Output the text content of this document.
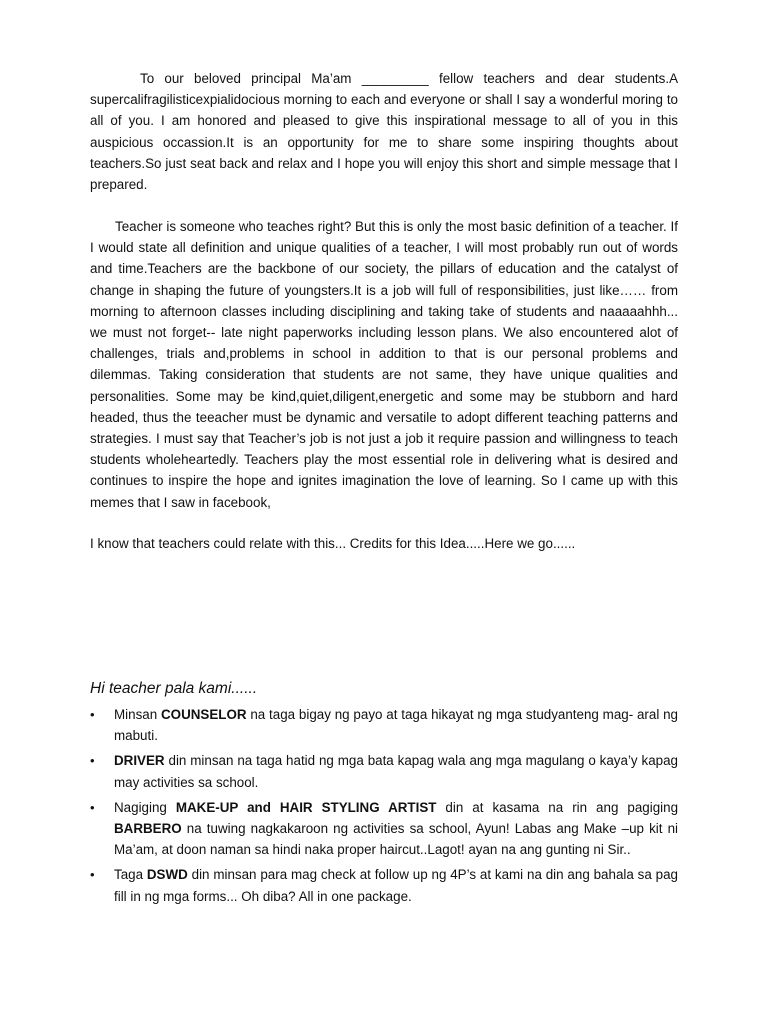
To our beloved principal Ma’am _________ fellow teachers and dear students.A supercalifragilisticexpialidocious morning to each and everyone or shall I say a wonderful moring to all of you. I am honored and pleased to give this inspirational message to all of you in this auspicious occassion.It is an opportunity for me to share some inspiring thoughts about teachers.So just seat back and relax and I hope you will enjoy this short and simple message that I prepared.

Teacher is someone who teaches right? But this is only the most basic definition of a teacher. If I would state all definition and unique qualities of a teacher, I will most probably run out of words and time.Teachers are the backbone of our society, the pillars of education and the catalyst of change in shaping the future of youngsters.It is a job will full of responsibilities, just like…… from morning to afternoon classes including disciplining and taking take of students and naaaaahhh... we must not forget-- late night paperworks including lesson plans. We also encountered alot of challenges, trials and,problems in school in addition to that is our personal problems and dilemmas. Taking consideration that students are not same, they have unique qualities and personalities. Some may be kind,quiet,diligent,energetic and some may be stubborn and hard headed, thus the teeacher must be dynamic and versatile to adopt different teaching patterns and strategies. I must say that Teacher’s job is not just a job it require passion and willingness to teach students wholeheartedly. Teachers play the most essential role in delivering what is desired and continues to inspire the hope and ignites imagination the love of learning. So I came up with this memes that I saw in facebook,

I know that teachers could relate with this... Credits for this Idea.....Here we go......

Hi teacher pala kami......

• Minsan COUNSELOR na taga bigay ng payo at taga hikayat ng mga studyanteng mag- aral ng mabuti.
• DRIVER din minsan na taga hatid ng mga bata kapag wala ang mga magulang o kaya’y kapag may activities sa school.
• Nagiging MAKE-UP and HAIR STYLING ARTIST din at kasama na rin ang pagiging BARBERO na tuwing nagkakaroon ng activities sa school, Ayun! Labas ang Make –up kit ni Ma’am, at doon naman sa hindi naka proper haircut..Lagot! ayan na ang gunting ni Sir..
• Taga DSWD din minsan para mag check at follow up ng 4P’s at kami na din ang bahala sa pag fill in ng mga forms... Oh diba? All in one package.
